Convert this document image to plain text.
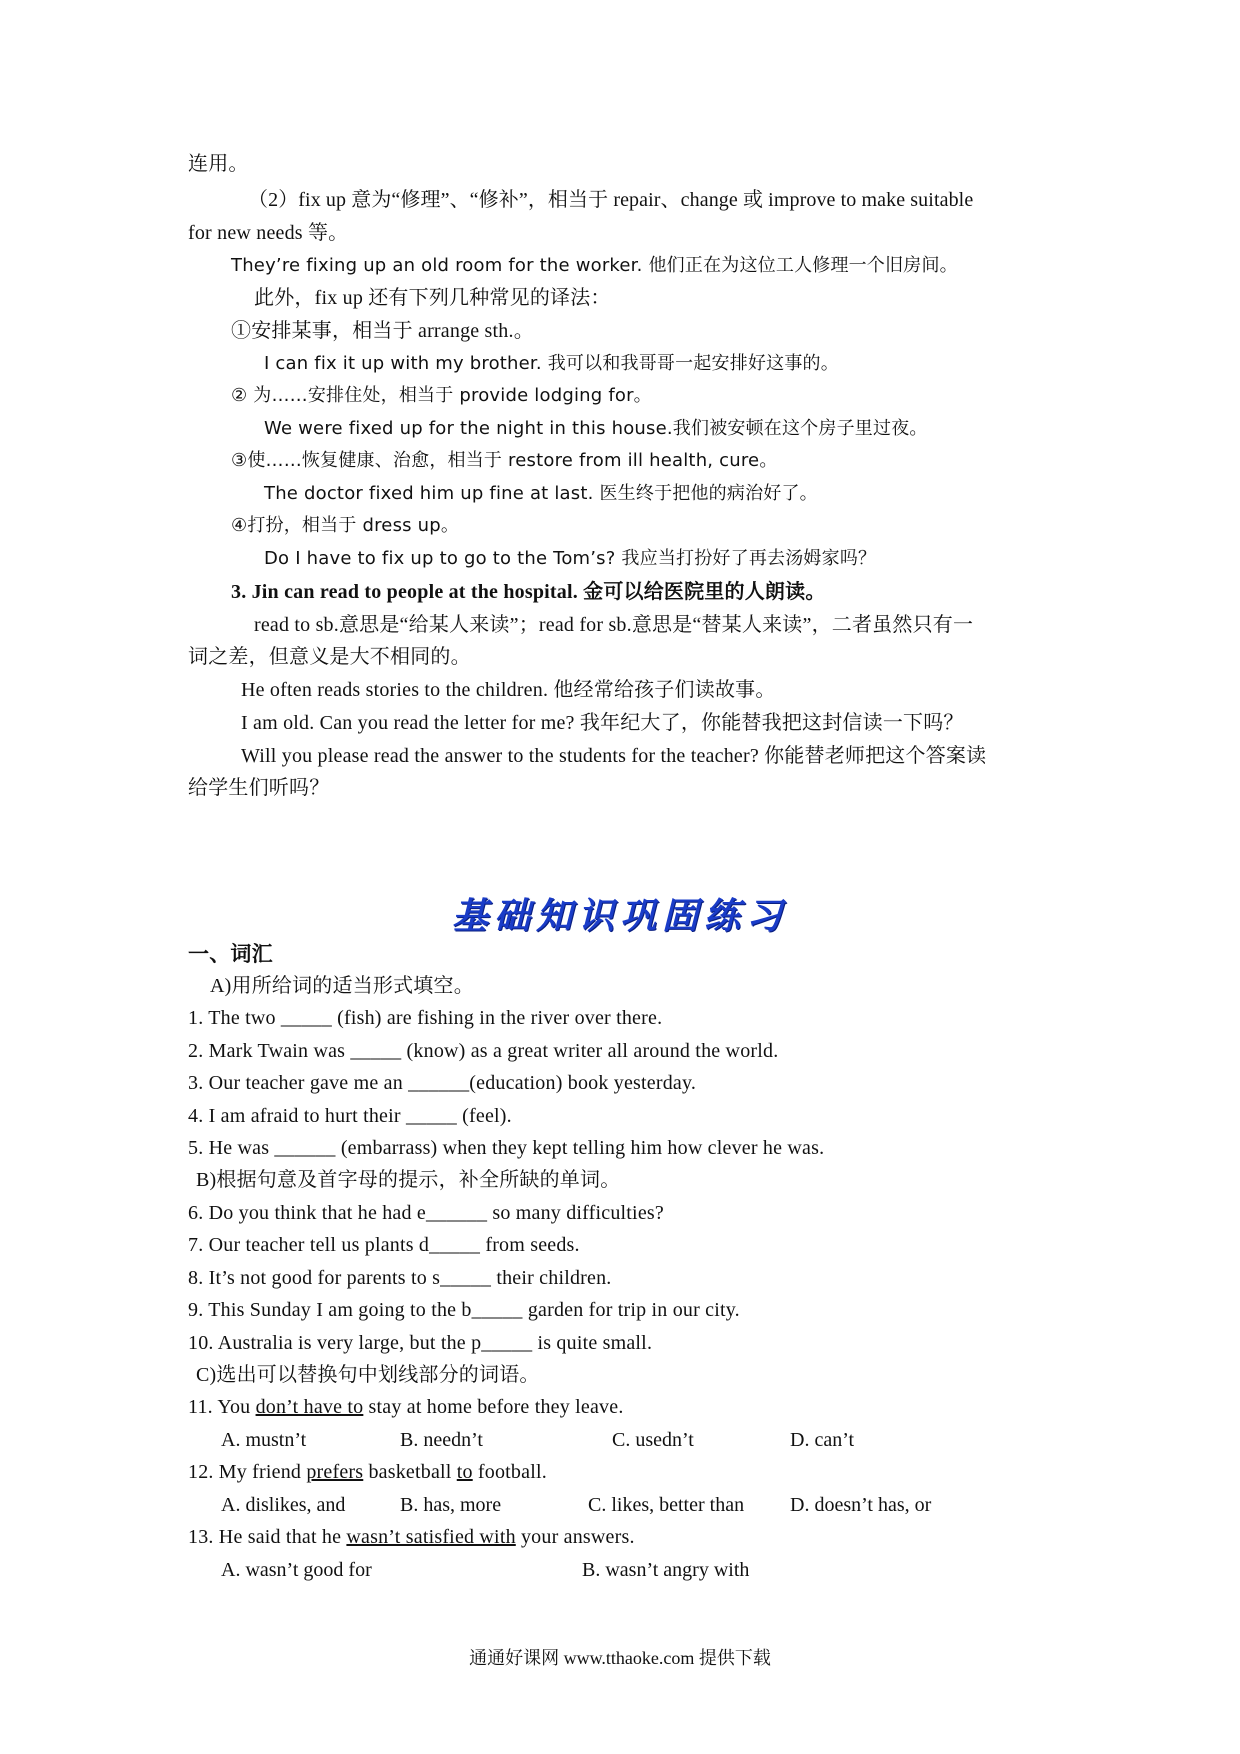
连用。
（2）fix up 意为“修理”、“修补”，相当于 repair、change 或 improve to make suitable
for new needs 等。
They’re fixing up an old room for the worker. 他们正在为这位工人修理一个旧房间。
此外，fix up 还有下列几种常见的译法：
①安排某事，相当于 arrange sth.。
I can fix it up with my brother. 我可以和我哥哥一起安排好这事的。
② 为……安排住处，相当于 provide lodging for。
We were fixed up for the night in this house.我们被安顿在这个房子里过夜。
③使……恢复健康、治愈，相当于 restore from ill health, cure。
The doctor fixed him up fine at last. 医生终于把他的病治好了。
④打扮，相当于 dress up。
Do I have to fix up to go to the Tom’s? 我应当打扮好了再去汤姆家吗？
3. Jin can read to people at the hospital. 金可以给医院里的人朗读。
read to sb.意思是“给某人来读”；read for sb.意思是“替某人来读”，二者虽然只有一
词之差，但意义是大不相同的。
He often reads stories to the children. 他经常给孩子们读故事。
I am old. Can you read the letter for me? 我年纪大了，你能替我把这封信读一下吗？
Will you please read the answer to the students for the teacher? 你能替老师把这个答案读
给学生们听吗？
基础知识巩固练习
一、词汇
A)用所给词的适当形式填空。
1. The two _____ (fish) are fishing in the river over there.
2. Mark Twain was _____ (know) as a great writer all around the world.
3. Our teacher gave me an ______(education) book yesterday.
4. I am afraid to hurt their _____ (feel).
5. He was ______ (embarrass) when they kept telling him how clever he was.
B)根据句意及首字母的提示，补全所缺的单词。
6. Do you think that he had e______ so many difficulties?
7. Our teacher tell us plants d_____ from seeds.
8. It’s not good for parents to s_____ their children.
9. This Sunday I am going to the b_____ garden for trip in our city.
10. Australia is very large, but the p_____ is quite small.
C)选出可以替换句中划线部分的词语。
11. You don’t have to stay at home before they leave.
A. mustn’t	B. needn’t	C. usedn’t	D. can’t
12. My friend prefers basketball to football.
A. dislikes, and	B. has, more	C. likes, better than D. doesn’t has, or
13. He said that he wasn’t satisfied with your answers.
A. wasn’t good for	B. wasn’t angry with
通通好课网 www.tthaoke.com 提供下载
